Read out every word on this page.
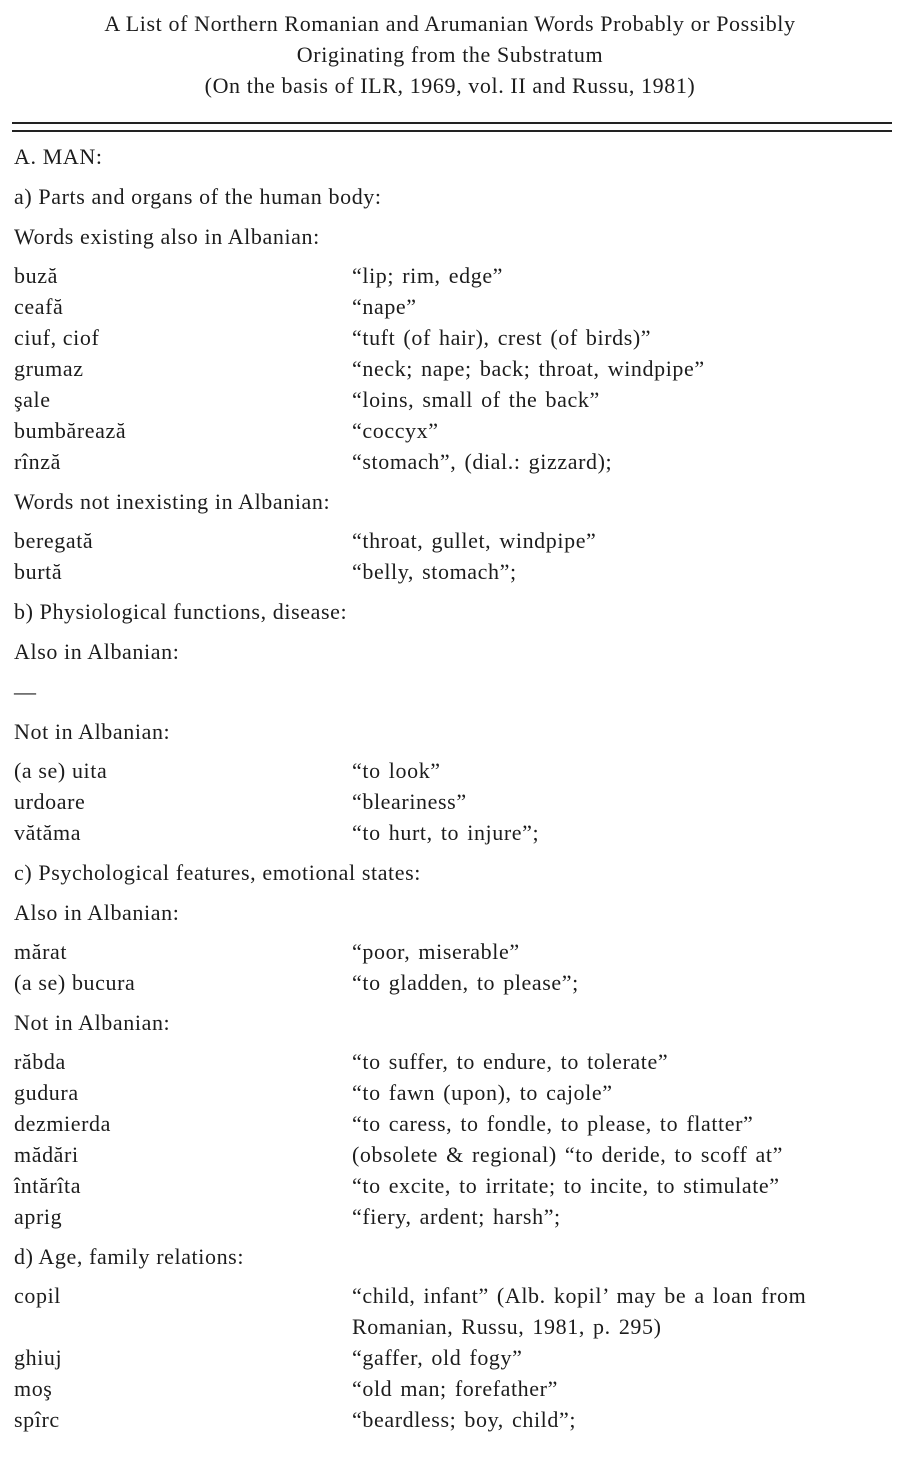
A List of Northern Romanian and Arumanian Words Probably or Possibly
Originating from the Substratum
(On the basis of ILR, 1969, vol. II and Russu, 1981)
A. MAN:
a) Parts and organs of the human body:
Words existing also in Albanian:
buză	“lip; rim, edge”
ceafă	“nape”
ciuf, ciof	“tuft (of hair), crest (of birds)”
grumaz	“neck; nape; back; throat, windpipe”
şale	“loins, small of the back”
bumbărează	“coccyx”
rînză	“stomach”, (dial.: gizzard);
Words not inexisting in Albanian:
beregată	“throat, gullet, windpipe”
burtă	“belly, stomach”;
b) Physiological functions, disease:
Also in Albanian:
—
Not in Albanian:
(a se) uita	“to look”
urdoare	“bleariness”
vătăma	“to hurt, to injure”;
c) Psychological features, emotional states:
Also in Albanian:
mărat	“poor, miserable”
(a se) bucura	“to gladden, to please”;
Not in Albanian:
răbda	“to suffer, to endure, to tolerate”
gudura	“to fawn (upon), to cajole”
dezmierda	“to caress, to fondle, to please, to flatter”
mădări	(obsolete & regional) “to deride, to scoff at”
întărîta	“to excite, to irritate; to incite, to stimulate”
aprig	“fiery, ardent; harsh”;
d) Age, family relations:
copil	“child, infant” (Alb. kopil’ may be a loan from Romanian, Russu, 1981, p. 295)
ghiuj	“gaffer, old fogy”
moş	“old man; forefather”
spîrc	“beardless; boy, child”;
